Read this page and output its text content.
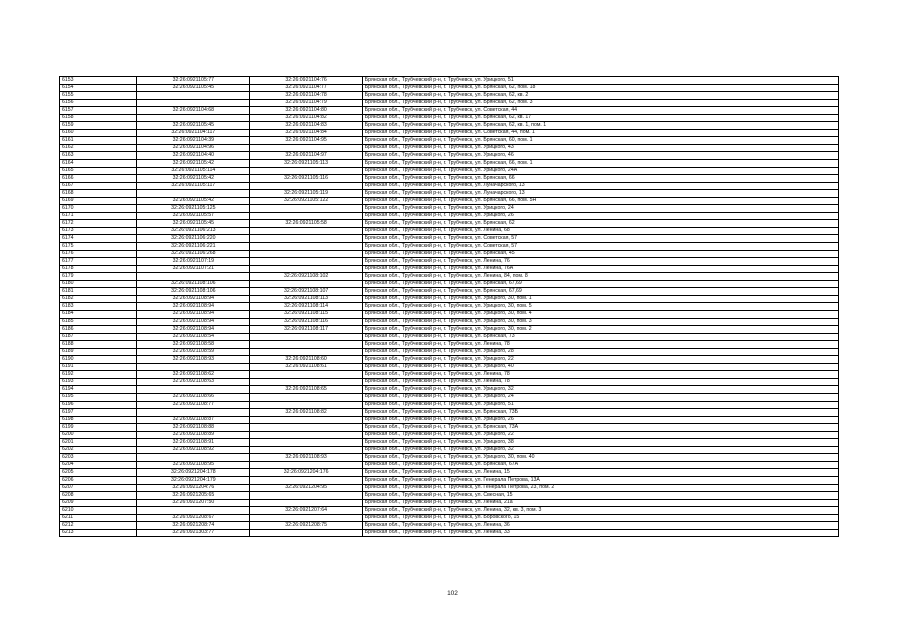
6153	32:26:0921105:77	32:26:0921104:76	Брянская обл., Трубчевский р-н, г. Трубчевск, ул. Урицкого, 51
6154	32:26:0921105:45	32:26:0921104:77	Брянская обл., Трубчевский р-н, г. Трубчевск, ул. Брянская, 62, пом. 18
6155		32:26:0921104:78	Брянская обл., Трубчевский р-н, г. Трубчевск, ул. Брянская, 62, кв. 2
6156		32:26:0921104:79	Брянская обл., Трубчевский р-н, г. Трубчевск, ул. Брянская, 62, пом. 3
6157	32:26:0921104:68	32:26:0921104:80	Брянская обл., Трубчевский р-н, г. Трубчевск, ул. Советская, 44
6158		32:26:0921104:82	Брянская обл., Трубчевский р-н, г. Трубчевск, ул. Брянская, 62, кв. 17
6159	32:26:0921105:45	32:26:0921104:83	Брянская обл., Трубчевский р-н, г. Трубчевск, ул. Брянская, 62, кв. 1, пом. 1
6160	32:26:0921104:117	32:26:0921104:84	Брянская обл., Трубчевский р-н, г. Трубчевск, ул. Советская, 44, пом. 1
6161	32:26:0921104:39	32:26:0921104:95	Брянская обл., Трубчевский р-н, г. Трубчевск, ул. Брянская, 60, пом. 1
6162	32:26:0921104:96		Брянская обл., Трубчевский р-н, г. Трубчевск, ул. Урицкого, 43
6163	32:26:0921104:40	32:26:0921104:97	Брянская обл., Трубчевский р-н, г. Трубчевск, ул. Урицкого, 46
6164	32:26:0921105:42	32:26:0921105:113	Брянская обл., Трубчевский р-н, г. Трубчевск, ул. Брянская, 66, пом. 1
6165	32:26:0921105:114		Брянская обл., Трубчевский р-н, г. Трубчевск, ул. Урицкого, 24А
6166	32:26:0921105:42	32:26:0921105:116	Брянская обл., Трубчевский р-н, г. Трубчевск, ул. Брянская, 66
6167	32:26:0921105:117		Брянская обл., Трубчевский р-н, г. Трубчевск, ул. Луначарского, 13
6168		32:26:0921105:119	Брянская обл., Трубчевский р-н, г. Трубчевск, ул. Луначарского, 13
6169	32:26:0921105:42	32:26:0921105:122	Брянская обл., Трубчевский р-н, г. Трубчевск, ул. Брянская, 66, пом. 5Н
6170	32:26:0921105:125		Брянская обл., Трубчевский р-н, г. Трубчевск, ул. Урицкого, 24
6171	32:26:0921105:57		Брянская обл., Трубчевский р-н, г. Трубчевск, ул. Урицкого, 26
6172	32:26:0921105:45	32:26:0921105:58	Брянская обл., Трубчевский р-н, г. Трубчевск, ул. Брянская, 62
6173	32:26:0921106:213		Брянская обл., Трубчевский р-н, г. Трубчевск, ул. Ленина, 68
6174	32:26:0921106:220		Брянская обл., Трубчевский р-н, г. Трубчевск, ул. Советская, 57
6175	32:26:0921106:221		Брянская обл., Трубчевский р-н, г. Трубчевск, ул. Советская, 57
6176	32:26:0921106:268		Брянская обл., Трубчевский р-н, г. Трубчевск, ул. Брянская, 45
6177	32:26:0921107:19		Брянская обл., Трубчевский р-н, г. Трубчевск, ул. Ленина, 76
6178	32:26:0921107:21		Брянская обл., Трубчевский р-н, г. Трубчевск, ул. Ленина, 76А
6179		32:26:0921108:102	Брянская обл., Трубчевский р-н, г. Трубчевск, ул. Ленина, 84, пом. 8
6180	32:26:0921108:106		Брянская обл., Трубчевский р-н, г. Трубчевск, ул. Брянская, 67,69
6181	32:26:0921108:106	32:26:0921108:107	Брянская обл., Трубчевский р-н, г. Трубчевск, ул. Брянская, 67,69
6182	32:26:0921108:94	32:26:0921108:113	Брянская обл., Трубчевский р-н, г. Трубчевск, ул. Урицкого, 30, пом. 1
6183	32:26:0921108:94	32:26:0921108:114	Брянская обл., Трубчевский р-н, г. Трубчевск, ул. Урицкого, 30, пом. 5
6184	32:26:0921108:94	32:26:0921108:115	Брянская обл., Трубчевский р-н, г. Трубчевск, ул. Урицкого, 30, пом. 4
6185	32:26:0921108:94	32:26:0921108:116	Брянская обл., Трубчевский р-н, г. Трубчевск, ул. Урицкого, 30, пом. 3
6186	32:26:0921108:94	32:26:0921108:117	Брянская обл., Трубчевский р-н, г. Трубчевск, ул. Урицкого, 30, пом. 2
6187	32:26:0921108:54		Брянская обл., Трубчевский р-н, г. Трубчевск, ул. Брянская, 73
6188	32:26:0921108:58		Брянская обл., Трубчевский р-н, г. Трубчевск, ул. Ленина, 78
6189	32:26:0921108:59		Брянская обл., Трубчевский р-н, г. Трубчевск, ул. Урицкого, 28
6190	32:26:0921108:93	32:26:0921108:60	Брянская обл., Трубчевский р-н, г. Трубчевск, ул. Урицкого, 22
6191		32:26:0921108:61	Брянская обл., Трубчевский р-н, г. Трубчевск, ул. Урицкого, 40
6192	32:26:0921108:62		Брянская обл., Трубчевский р-н, г. Трубчевск, ул. Ленина, 78
6193	32:26:0921108:63		Брянская обл., Трубчевский р-н, г. Трубчевск, ул. Ленина, 78
6194		32:26:0921108:65	Брянская обл., Трубчевский р-н, г. Трубчевск, ул. Урицкого, 32
6195	32:26:0921108:66		Брянская обл., Трубчевский р-н, г. Трубчевск, ул. Урицкого, 24
6196	32:26:0921108:77		Брянская обл., Трубчевский р-н, г. Трубчевск, ул. Урицкого, 51
6197		32:26:0921108:82	Брянская обл., Трубчевский р-н, г. Трубчевск, ул. Брянская, 73Б
6198	32:26:0921108:87		Брянская обл., Трубчевский р-н, г. Трубчевск, ул. Урицкого, 26
6199	32:26:0921108:88		Брянская обл., Трубчевский р-н, г. Трубчевск, ул. Брянская, 73А
6200	32:26:0921108:89		Брянская обл., Трубчевский р-н, г. Трубчевск, ул. Урицкого, 22
6201	32:26:0921108:91		Брянская обл., Трубчевский р-н, г. Трубчевск, ул. Урицкого, 38
6202	32:26:0921108:92		Брянская обл., Трубчевский р-н, г. Трубчевск, ул. Урицкого, 32
6203		32:26:0921108:93	Брянская обл., Трубчевский р-н, г. Трубчевск, ул. Урицкого, 30, пом. 40
6204	32:26:0921108:95		Брянская обл., Трубчевский р-н, г. Трубчевск, ул. Брянская, 67А
6205	32:26:0921204:178	32:26:0921204:176	Брянская обл., Трубчевский р-н, г. Трубчевск, ул. Ленина, 15
6206	32:26:0921204:179		Брянская обл., Трубчевский р-н, г. Трубчевск, ул. Генерала Петрова, 13А
6207	32:26:0921204:76	32:26:0921204:95	Брянская обл., Трубчевский р-н, г. Трубчевск, ул. Генерала Петрова, 23, пом. 2
6208	32:26:0921205:65		Брянская обл., Трубчевский р-н, г. Трубчевск, ул. Свесная, 15
6209	32:26:0921207:50		Брянская обл., Трубчевский р-н, г. Трубчевск, ул. Ленина, 21а
6210		32:26:0921207:64	Брянская обл., Трубчевский р-н, г. Трубчевск, ул. Ленина, 32, кв. 3, пом. 3
6211	32:26:0921208:67		Брянская обл., Трубчевский р-н, г. Трубчевск, ул. Боровского, 15
6212	32:26:0921208:74	32:26:0921208:75	Брянская обл., Трубчевский р-н, г. Трубчевск, ул. Ленина, 36
6213	32:26:0921303:77		Брянская обл., Трубчевский р-н, г. Трубчевск, ул. Ленина, 33
102
